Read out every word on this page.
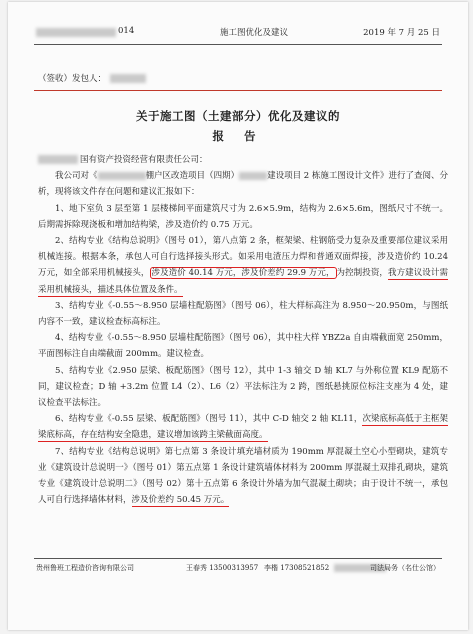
014	施工图优化及建议	2019 年 7 月 25 日
（签收）发包人：
关于施工图（土建部分）优化及建议的
报 告

国有资产投资经营有限责任公司：

我公司对《	棚户区改造项目（四期）	建设项目 2 栋施工图设计文件》进行了查阅、分析，现将该文件存在问题和建议汇报如下：

1、地下室负 3 层至第 1 层楼梯间平面建筑尺寸为 2.6×5.9m，结构为 2.6×5.6m，图纸尺寸不统一。后期需拆除现浇板和增加结构梁，涉及造价约 0.75 万元。

2、结构专业《结构总说明》（图号 01），第八点第 2 条，框架梁、柱钢筋受力复杂及重要部位建议采用机械连接。根据本条，承包人可自行选择接头形式。如采用电渣压力焊和普通双面焊接，涉及造价约 10.24 万元，如全部采用机械接头， 涉及造价 40.14 万元，涉及价差约 29.9 万元， 为控制投资，我方建议设计需采用机械接头，描述具体位置及条件。

3、结构专业《-0.55～8.950 层墙柱配筋图》（图号 06），柱大样标高注为 8.950～20.950m，与图纸内容不一致，建议检查标高标注。

4、结构专业《-0.55～8.950 层墙柱配筋图》（图号 06），其中柱大样 YBZ2a 自由端截面宽 250mm，平面图标注自由端截面 200mm。建议检查。

5、结构专业《2.950 层梁、板配筋图》（图号 12），其中 1-3 轴交 D 轴 KL7 与外称位置 KL9 配筋不同，建议检查；D 轴 +3.2m 位置 L4（2）、L6（2）平法标注为 2 跨，图纸悬挑原位标注支座为 4 处，建议检查平法标注。

6、结构专业《-0.55 层梁、板配筋图》（图号 11），其中 C-D 轴交 2 轴 KL11，次梁底标高低于主框架梁底标高，存在结构安全隐患，建议增加该跨主梁截面高度。

7、结构专业《结构总说明》第七点第 3 条设计填充墙材质为 190mm 厚混凝土空心小型砌块，建筑专业《建筑设计总说明一》（图号 01）第五点第 1 条设计建筑墙体材料为 200mm 厚混凝土双排孔砌块，建筑专业《建筑设计总说明二》（图号 02）第十五点第 6 条设计外墙为加气混凝土砌块；由于设计不统一，承包人可自行选择墙体材料，涉及价差约 50.45 万元。

贵州鲁班工程造价咨询有限公司	王春秀 13500313957 李楷 17308521852	司法局务（名仕公馆）
